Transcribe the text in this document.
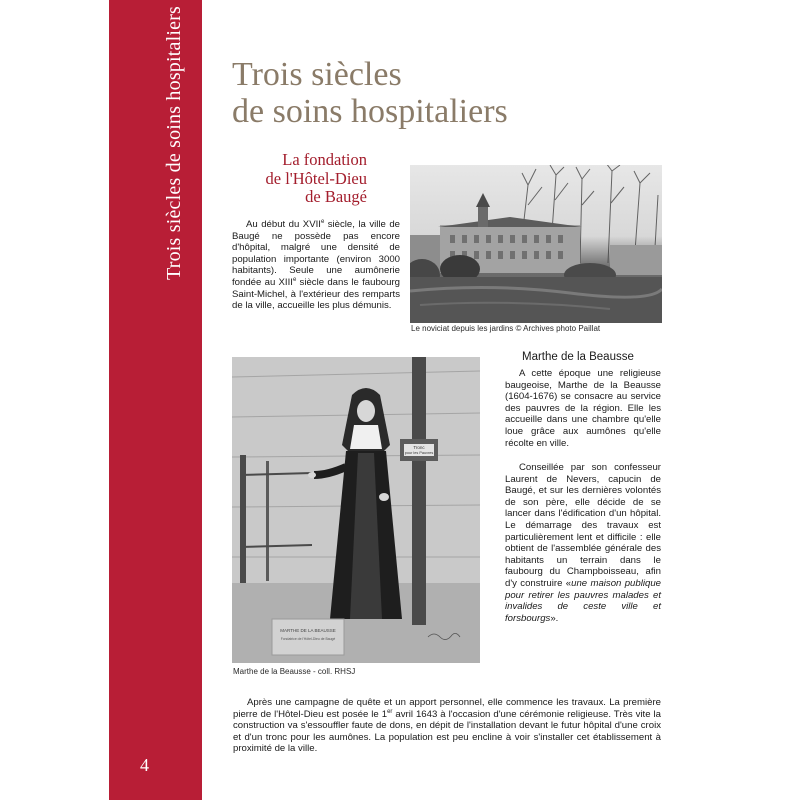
Trois siècles de soins hospitaliers
4
Trois siècles
de soins hospitaliers
La fondation
de l'Hôtel-Dieu
de Baugé

Au début du XVIIe siècle, la ville de Baugé ne possède pas encore d'hôpital, malgré une densité de population importante (environ 3000 habitants). Seule une aumônerie fondée au XIIIe siècle dans le faubourg Saint-Michel, à l'extérieur des remparts de la ville, accueille les plus démunis.

Le noviciat depuis les jardins © Archives photo Paillat
Tronc
pour les Pauvres
MARTHE DE LA BEAUSSE
Fondatrice de l'Hôtel-Dieu de Baugé
Marthe de la Beausse - coll. RHSJ
Marthe de la Beausse

A cette époque une religieuse baugeoise, Marthe de la Beausse (1604-1676) se consacre au service des pauvres de la région. Elle les accueille dans une chambre qu'elle loue grâce aux aumônes qu'elle récolte en ville.

Conseillée par son confesseur Laurent de Nevers, capucin de Baugé, et sur les dernières volontés de son père, elle décide de se lancer dans l'édification d'un hôpital. Le démarrage des travaux est particulièrement lent et difficile : elle obtient de l'assemblée générale des habitants un terrain dans le faubourg du Champboisseau, afin d'y construire «une maison publique pour retirer les pauvres malades et invalides de ceste ville et forsbourgs».

Après une campagne de quête et un apport personnel, elle commence les travaux. La première pierre de l'Hôtel-Dieu est posée le 1er avril 1643 à l'occasion d'une cérémonie religieuse. Très vite la construction va s'essouffler faute de dons, en dépit de l'installation devant le futur hôpital d'une croix et d'un tronc pour les aumônes. La population est peu encline à voir s'installer cet établissement à proximité de la ville.
